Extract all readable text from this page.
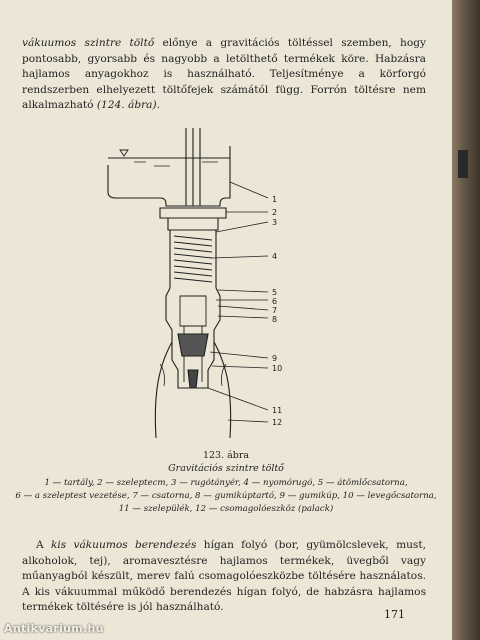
vákuumos szintre töltő előnye a gravitációs töltéssel szemben, hogy pontosabb, gyorsabb és nagyobb a letölthető termékek köre. Habzásra hajlamos anyagokhoz is használható. Teljesítménye a körforgó rendszerben elhelyezett töltőfejek számától függ. Forrón töltésre nem alkalmazható (124. ábra).

1
2
3
4
5
6
7
8
9
10
11
12
123. ábra
Gravitációs szintre töltő
1 — tartály, 2 — szelepteст, 3 — rugótányér, 4 — nyomórugó, 5 — átömlőcsatorna,
6 — a szeleptest vezetése, 7 — csatorna, 8 — gumikúptartó, 9 — gumikúp, 10 — levegőcsatorna,
11 — szelepülék, 12 — csomagolóeszköz (palack)

A kis vákuumos berendezés hígan folyó (bor, gyümölcslevek, must, alkoholok, tej), aromavesztésre hajlamos termékek, üvegből vagy műanyagból készült, merev falú csomagolóeszközbe töltésére használatos. A kis vákuummal működő berendezés hígan folyó, de habzásra hajlamos termékek töltésére is jól használható.

171
Antikvarium.hu
